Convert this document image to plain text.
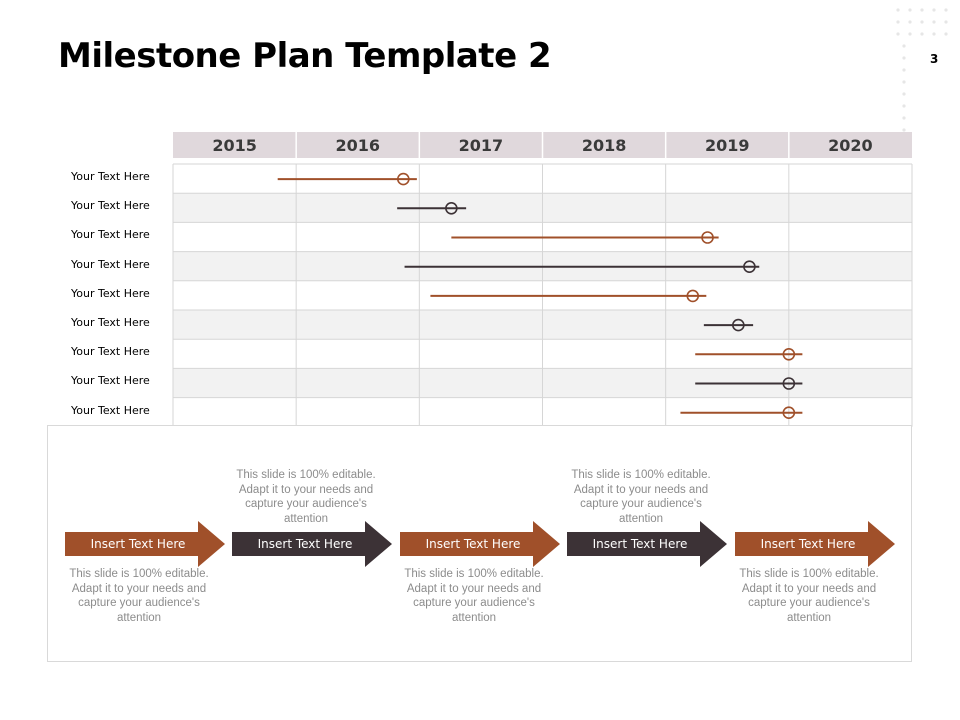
Milestone Plan Template 2	3
2015	2016	2017	2018	2019	2020
Your Text Here
Your Text Here
Your Text Here
Your Text Here
Your Text Here
Your Text Here
Your Text Here
Your Text Here
Your Text Here
Insert Text Here
This slide is 100% editable. Adapt it to your needs and capture your audience's attention
Insert Text Here
This slide is 100% editable. Adapt it to your needs and capture your audience's attention
Insert Text Here
This slide is 100% editable. Adapt it to your needs and capture your audience's attention
Insert Text Here
This slide is 100% editable. Adapt it to your needs and capture your audience's attention
Insert Text Here
This slide is 100% editable. Adapt it to your needs and capture your audience's attention
